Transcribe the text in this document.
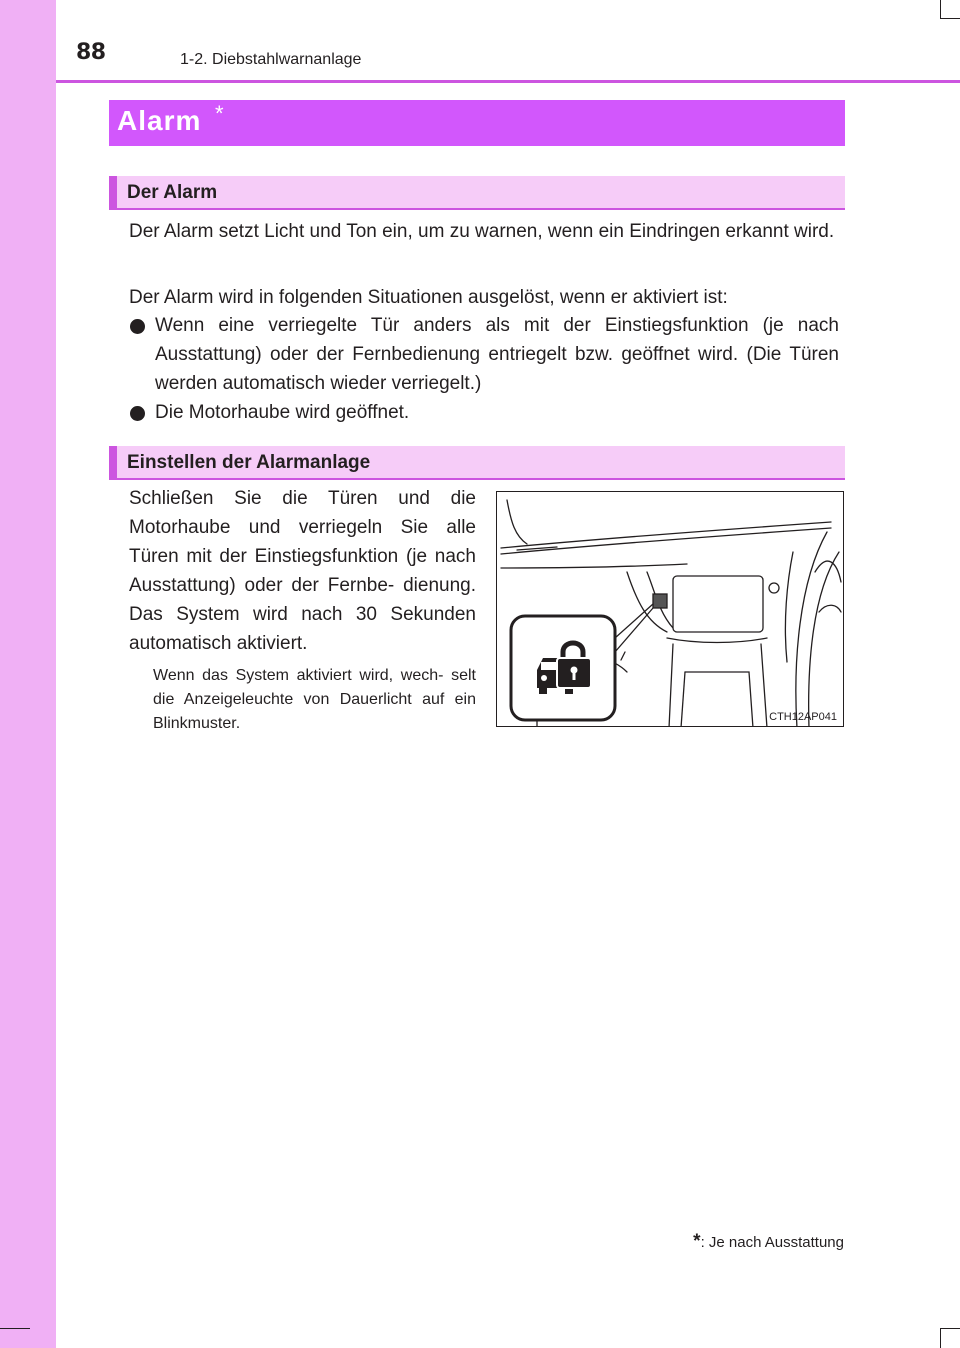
88	1-2. Diebstahlwarnanlage
Alarm *
Der Alarm
Der Alarm setzt Licht und Ton ein, um zu warnen, wenn ein Eindringen erkannt wird.
Der Alarm wird in folgenden Situationen ausgelöst, wenn er aktiviert ist:
Wenn eine verriegelte Tür anders als mit der Einstiegsfunktion (je nach Ausstattung) oder der Fernbedienung entriegelt bzw. geöffnet wird. (Die Türen werden automatisch wieder verriegelt.)
Die Motorhaube wird geöffnet.
Einstellen der Alarmanlage
Schließen Sie die Türen und die Motorhaube und verriegeln Sie alle Türen mit der Einstiegsfunktion (je nach Ausstattung) oder der Fernbe- dienung. Das System wird nach 30 Sekunden automatisch aktiviert.
Wenn das System aktiviert wird, wech- selt die Anzeigeleuchte von Dauerlicht auf ein Blinkmuster.	CTH12AP041
*: Je nach Ausstattung
